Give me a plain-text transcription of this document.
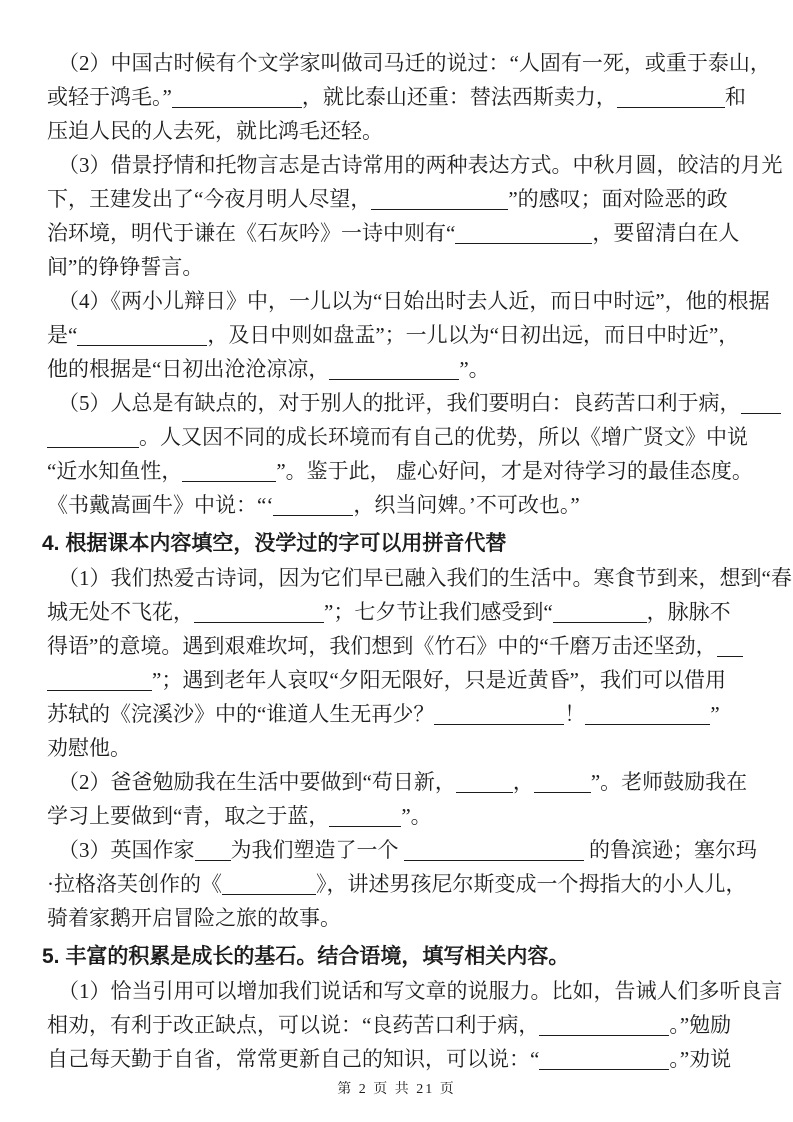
（2）中国古时候有个文学家叫做司马迁的说过：“人固有一死，或重于泰山，
或轻于鸿毛。”	，就比泰山还重：替法西斯卖力，	和
压迫人民的人去死，就比鸿毛还轻。
（3）借景抒情和托物言志是古诗常用的两种表达方式。中秋月圆，皎洁的月光
下，王建发出了“今夜月明人尽望，	”的感叹；面对险恶的政
治环境，明代于谦在《石灰吟》一诗中则有“	，要留清白在人
间”的铮铮誓言。
（4）《两小儿辩日》中，一儿以为“日始出时去人近，而日中时远”，他的根据
是“	，及日中则如盘盂”；一儿以为“日初出远，而日中时近”，
他的根据是“日初出沧沧凉凉，	”。
（5）人总是有缺点的，对于别人的批评，我们要明白：良药苦口利于病，
。人又因不同的成长环境而有自己的优势，所以《增广贤文》中说
“近水知鱼性，	”。鉴于此， 虚心好问，才是对待学习的最佳态度。
《书戴嵩画牛》中说：“‘	，织当问婢。’不可改也。”
4. 根据课本内容填空，没学过的字可以用拼音代替
（1）我们热爱古诗词，因为它们早已融入我们的生活中。寒食节到来，想到“春
城无处不飞花，	”；七夕节让我们感受到“	，脉脉不
得语”的意境。遇到艰难坎坷，我们想到《竹石》中的“千磨万击还坚劲，
”；遇到老年人哀叹“夕阳无限好，只是近黄昏”，我们可以借用
苏轼的《浣溪沙》中的“谁道人生无再少？	！	”
劝慰他。
（2）爸爸勉励我在生活中要做到“苟日新，	，	”。老师鼓励我在
学习上要做到“青，取之于蓝，	”。
（3）英国作家 为我们塑造了一个	的鲁滨逊；塞尔玛
·拉格洛芙创作的《	》，讲述男孩尼尔斯变成一个拇指大的小人儿，
骑着家鹅开启冒险之旅的故事。
5. 丰富的积累是成长的基石。结合语境，填写相关内容。
（1）恰当引用可以增加我们说话和写文章的说服力。比如，告诫人们多听良言
相劝，有利于改正缺点，可以说：“良药苦口利于病，	。”勉励
自己每天勤于自省，常常更新自己的知识，可以说：“	。”劝说
第 2 页 共 21 页
